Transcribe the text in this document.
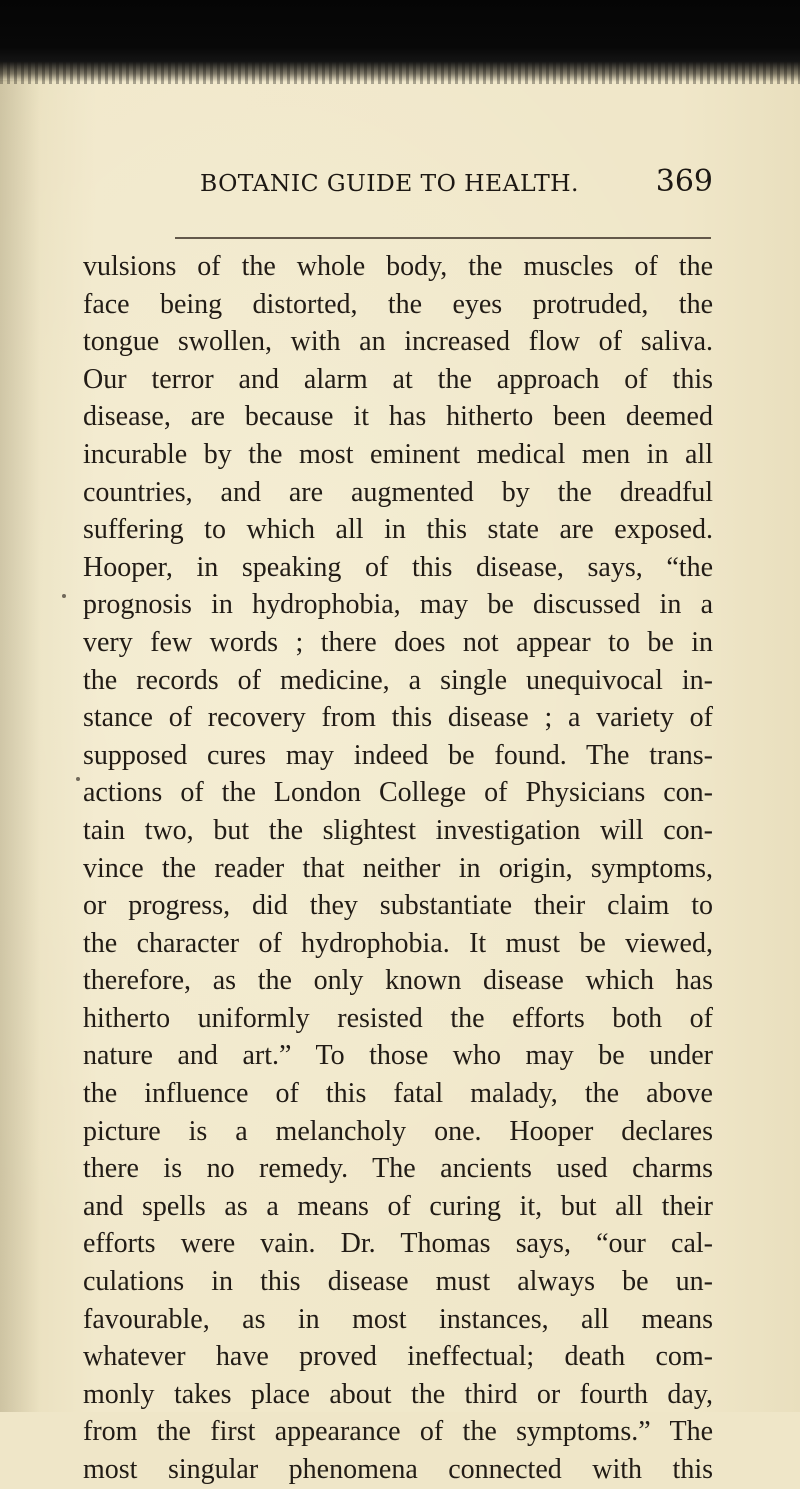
BOTANIC GUIDE TO HEALTH.	369
vulsions of the whole body, the muscles of the
face being distorted, the eyes protruded, the
tongue swollen, with an increased flow of saliva.
Our terror and alarm at the approach of this
disease, are because it has hitherto been deemed
incurable by the most eminent medical men in all
countries, and are augmented by the dreadful
suffering to which all in this state are exposed.
Hooper, in speaking of this disease, says, “the
prognosis in hydrophobia, may be discussed in a
very few words ; there does not appear to be in
the records of medicine, a single unequivocal in-
stance of recovery from this disease ; a variety of
supposed cures may indeed be found. The trans-
actions of the London College of Physicians con-
tain two, but the slightest investigation will con-
vince the reader that neither in origin, symptoms,
or progress, did they substantiate their claim to
the character of hydrophobia. It must be viewed,
therefore, as the only known disease which has
hitherto uniformly resisted the efforts both of
nature and art.” To those who may be under
the influence of this fatal malady, the above
picture is a melancholy one. Hooper declares
there is no remedy. The ancients used charms
and spells as a means of curing it, but all their
efforts were vain. Dr. Thomas says, “our cal-
culations in this disease must always be un-
favourable, as in most instances, all means
whatever have proved ineffectual; death com-
monly takes place about the third or fourth day,
from the first appearance of the symptoms.” The
most singular phenomena connected with this
